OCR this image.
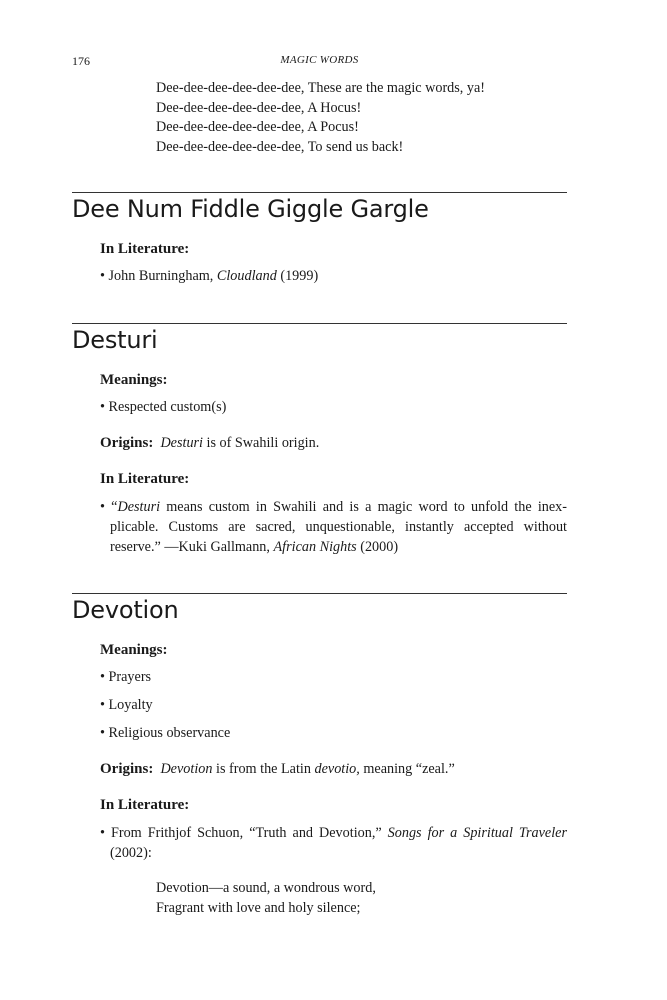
176	MAGIC WORDS
Dee-dee-dee-dee-dee-dee, These are the magic words, ya!
Dee-dee-dee-dee-dee-dee, A Hocus!
Dee-dee-dee-dee-dee-dee, A Pocus!
Dee-dee-dee-dee-dee-dee, To send us back!
Dee Num Fiddle Giggle Gargle
In Literature:
• John Burningham, Cloudland (1999)
Desturi
Meanings:
• Respected custom(s)
Origins: Desturi is of Swahili origin.
In Literature:
• “Desturi means custom in Swahili and is a magic word to unfold the inex-
plicable. Customs are sacred, unquestionable, instantly accepted without
reserve.” —Kuki Gallmann, African Nights (2000)
Devotion
Meanings:
• Prayers
• Loyalty
• Religious observance
Origins: Devotion is from the Latin devotio, meaning “zeal.”
In Literature:
• From Frithjof Schuon, “Truth and Devotion,” Songs for a Spiritual Traveler
(2002):
Devotion—a sound, a wondrous word,
Fragrant with love and holy silence;
